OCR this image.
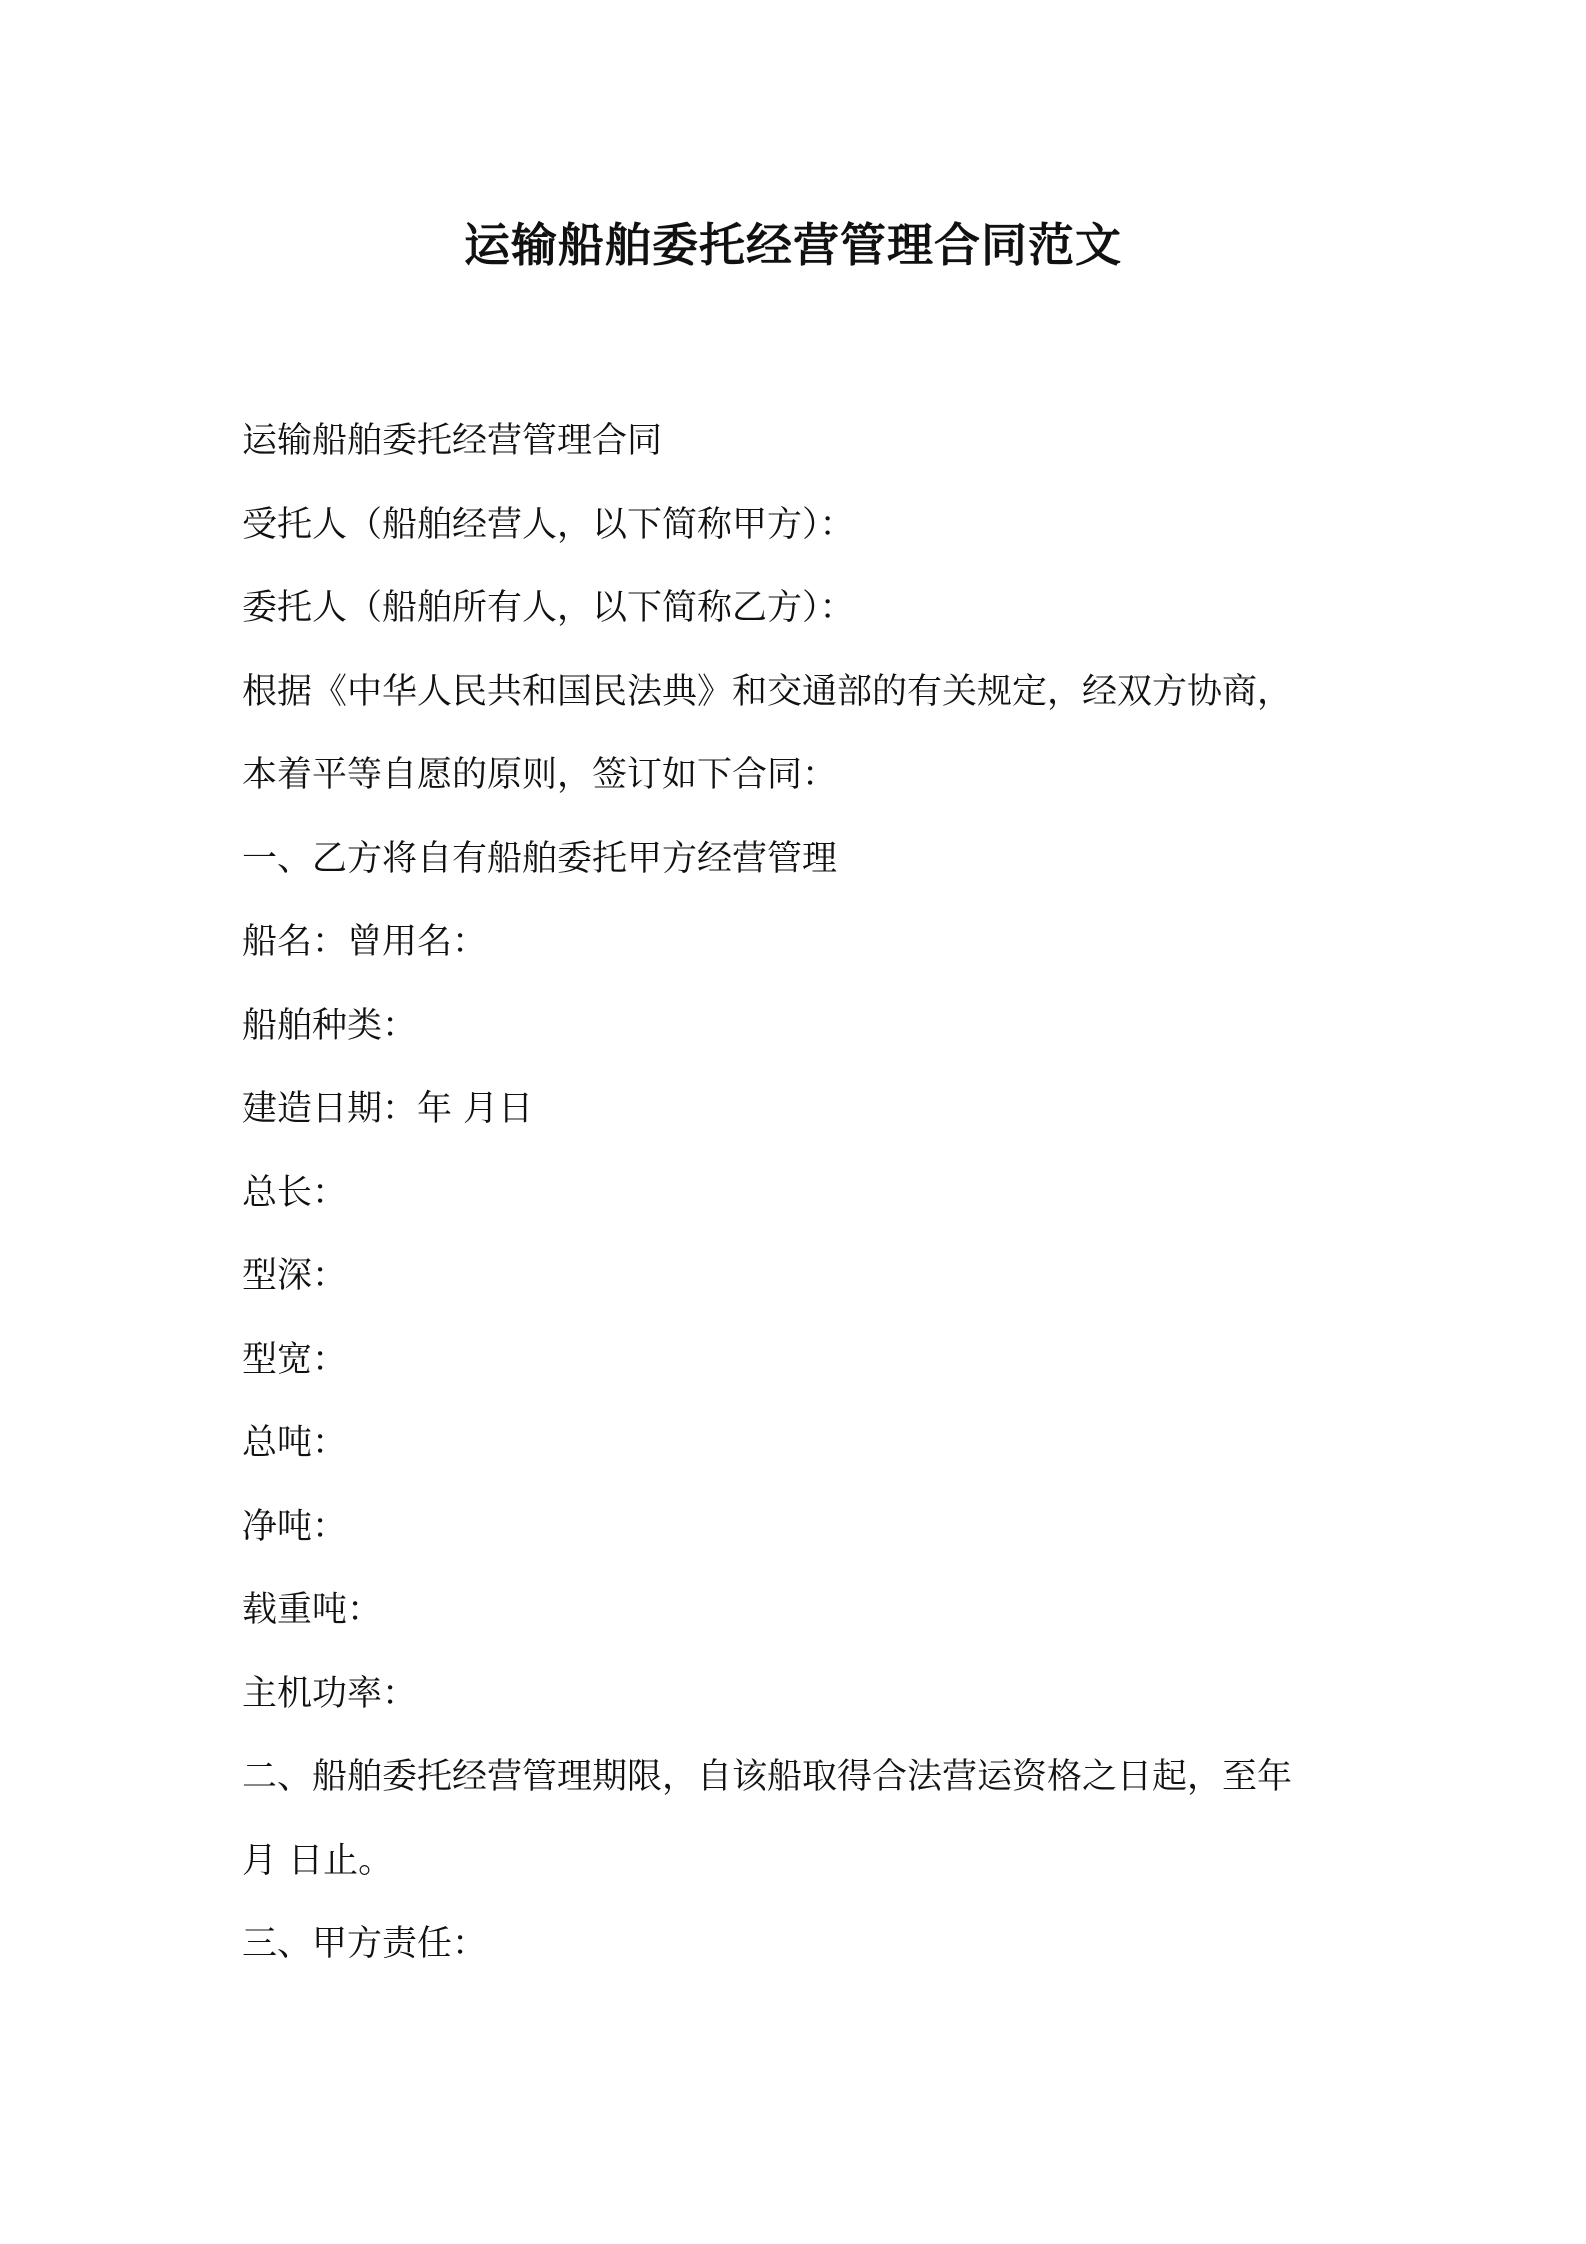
运输船舶委托经营管理合同范文
运输船舶委托经营管理合同
受托人（船舶经营人，以下简称甲方）：
委托人（船舶所有人，以下简称乙方）：
根据《中华人民共和国民法典》和交通部的有关规定，经双方协商，
本着平等自愿的原则，签订如下合同：
一、乙方将自有船舶委托甲方经营管理
船名：曾用名：
船舶种类：
建造日期：年 月日
总长：
型深：
型宽：
总吨：
净吨：
载重吨：
主机功率：
二、船舶委托经营管理期限，自该船取得合法营运资格之日起，至年
月 日止。
三、甲方责任：
